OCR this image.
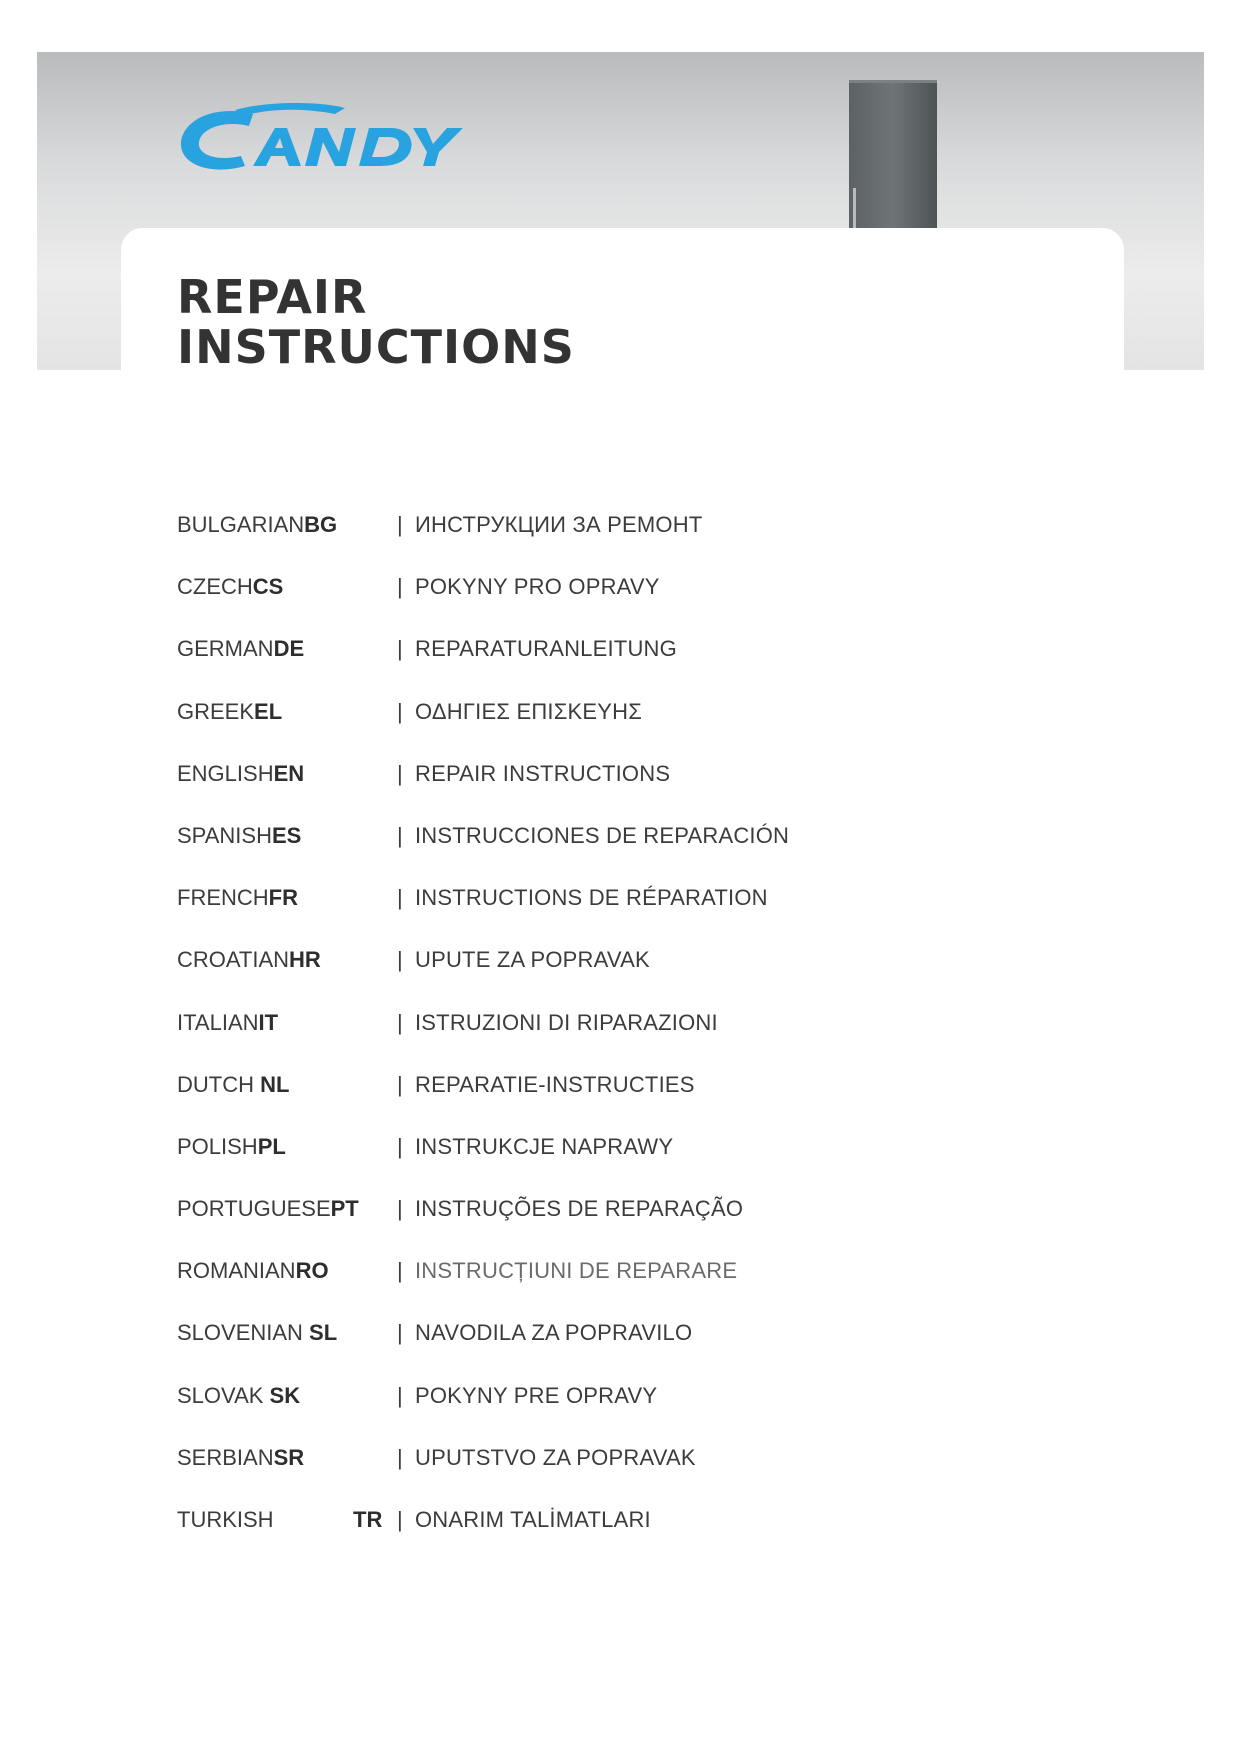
REPAIR
INSTRUCTIONS
BULGARIANBG	| ИНСТРУКЦИИ ЗА РЕМОНТ
CZECHCS	| POKYNY PRO OPRAVY
GERMANDE	| REPARATURANLEITUNG
GREEKEL	| ΟΔΗΓΙΕΣ ΕΠΙΣΚΕΥΗΣ
ENGLISHEN	| REPAIR INSTRUCTIONS
SPANISHES	| INSTRUCCIONES DE REPARACIÓN
FRENCHFR	| INSTRUCTIONS DE RÉPARATION
CROATIANHR	| UPUTE ZA POPRAVAK
ITALIANIT	| ISTRUZIONI DI RIPARAZIONI
DUTCH NL	| REPARATIE-INSTRUCTIES
POLISHPL	| INSTRUKCJE NAPRAWY
PORTUGUESEPT | INSTRUÇÕES DE REPARAÇÃO
ROMANIANRO	| INSTRUCȚIUNI DE REPARARE
SLOVENIAN SL	| NAVODILA ZA POPRAVILO
SLOVAK SK	| POKYNY PRE OPRAVY
SERBIANSR	| UPUTSTVO ZA POPRAVAK
TURKISH	TR | ONARIM TALİMATLARI
